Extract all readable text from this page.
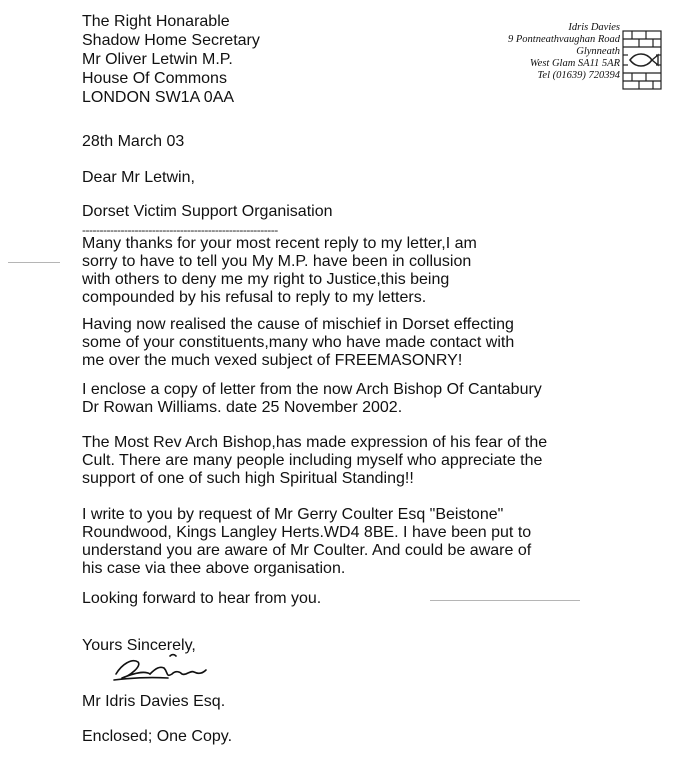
The Right Honarable
Shadow Home Secretary
Mr Oliver Letwin M.P.
House Of Commons
LONDON SW1A 0AA
Idris Davies
9 Pontneathvaughan Road
Glynneath
West Glam SA11 5AR
Tel (01639) 720394
28th March 03
Dear Mr Letwin,
Dorset Victim Support Organisation
--------------------------------------------------------
Many thanks for your most recent reply to my letter,I am
sorry to have to tell you My M.P. have been in collusion
with others to deny me my right to Justice,this being
compounded by his refusal to reply to my letters.
Having now realised the cause of mischief in Dorset effecting
some of your constituents,many who have made contact with
me over the much vexed subject of FREEMASONRY!
I enclose a copy of letter from the now Arch Bishop Of Cantabury
Dr Rowan Williams. date 25 November 2002.
The Most Rev Arch Bishop,has made expression of his fear of the
Cult. There are many people including myself who appreciate the
support of one of such high Spiritual Standing!!
I write to you by request of Mr Gerry Coulter Esq "Beistone"
Roundwood, Kings Langley Herts.WD4 8BE. I have been put to
understand you are aware of Mr Coulter. And could be aware of
his case via thee above organisation.
Looking forward to hear from you.
Yours Sincerely,
Mr Idris Davies Esq.
Enclosed; One Copy.
